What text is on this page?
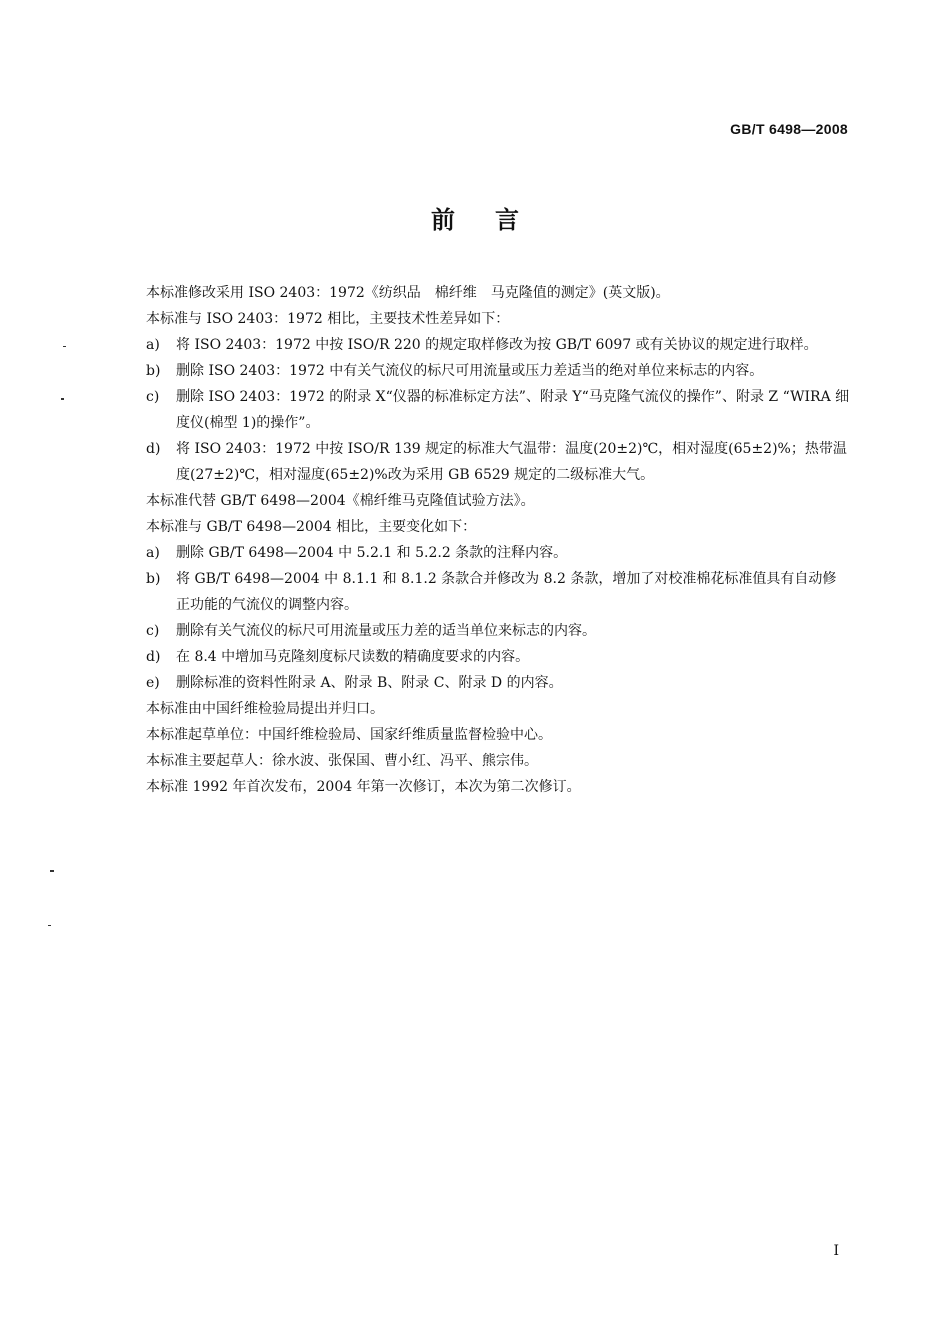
GB/T 6498—2008
前言

本标准修改采用 ISO 2403：1972《纺织品　棉纤维　马克隆值的测定》(英文版)。

本标准与 ISO 2403：1972 相比，主要技术性差异如下：

a)	将 ISO 2403：1972 中按 ISO/R 220 的规定取样修改为按 GB/T 6097 或有关协议的规定进行取样。
b)	删除 ISO 2403：1972 中有关气流仪的标尺可用流量或压力差适当的绝对单位来标志的内容。
c)	删除 ISO 2403：1972 的附录 X“仪器的标准标定方法”、附录 Y“马克隆气流仪的操作”、附录 Z “WIRA 细度仪(棉型 1)的操作”。
d)	将 ISO 2403：1972 中按 ISO/R 139 规定的标准大气温带：温度(20±2)℃，相对湿度(65±2)%；热带温度(27±2)℃，相对湿度(65±2)%改为采用 GB 6529 规定的二级标准大气。

本标准代替 GB/T 6498—2004《棉纤维马克隆值试验方法》。

本标准与 GB/T 6498—2004 相比，主要变化如下：

a)	删除 GB/T 6498—2004 中 5.2.1 和 5.2.2 条款的注释内容。
b)	将 GB/T 6498—2004 中 8.1.1 和 8.1.2 条款合并修改为 8.2 条款，增加了对校准棉花标准值具有自动修正功能的气流仪的调整内容。
c)	删除有关气流仪的标尺可用流量或压力差的适当单位来标志的内容。
d)	在 8.4 中增加马克隆刻度标尺读数的精确度要求的内容。
e)	删除标准的资料性附录 A、附录 B、附录 C、附录 D 的内容。

本标准由中国纤维检验局提出并归口。

本标准起草单位：中国纤维检验局、国家纤维质量监督检验中心。

本标准主要起草人：徐水波、张保国、曹小红、冯平、熊宗伟。

本标准 1992 年首次发布，2004 年第一次修订，本次为第二次修订。

I
